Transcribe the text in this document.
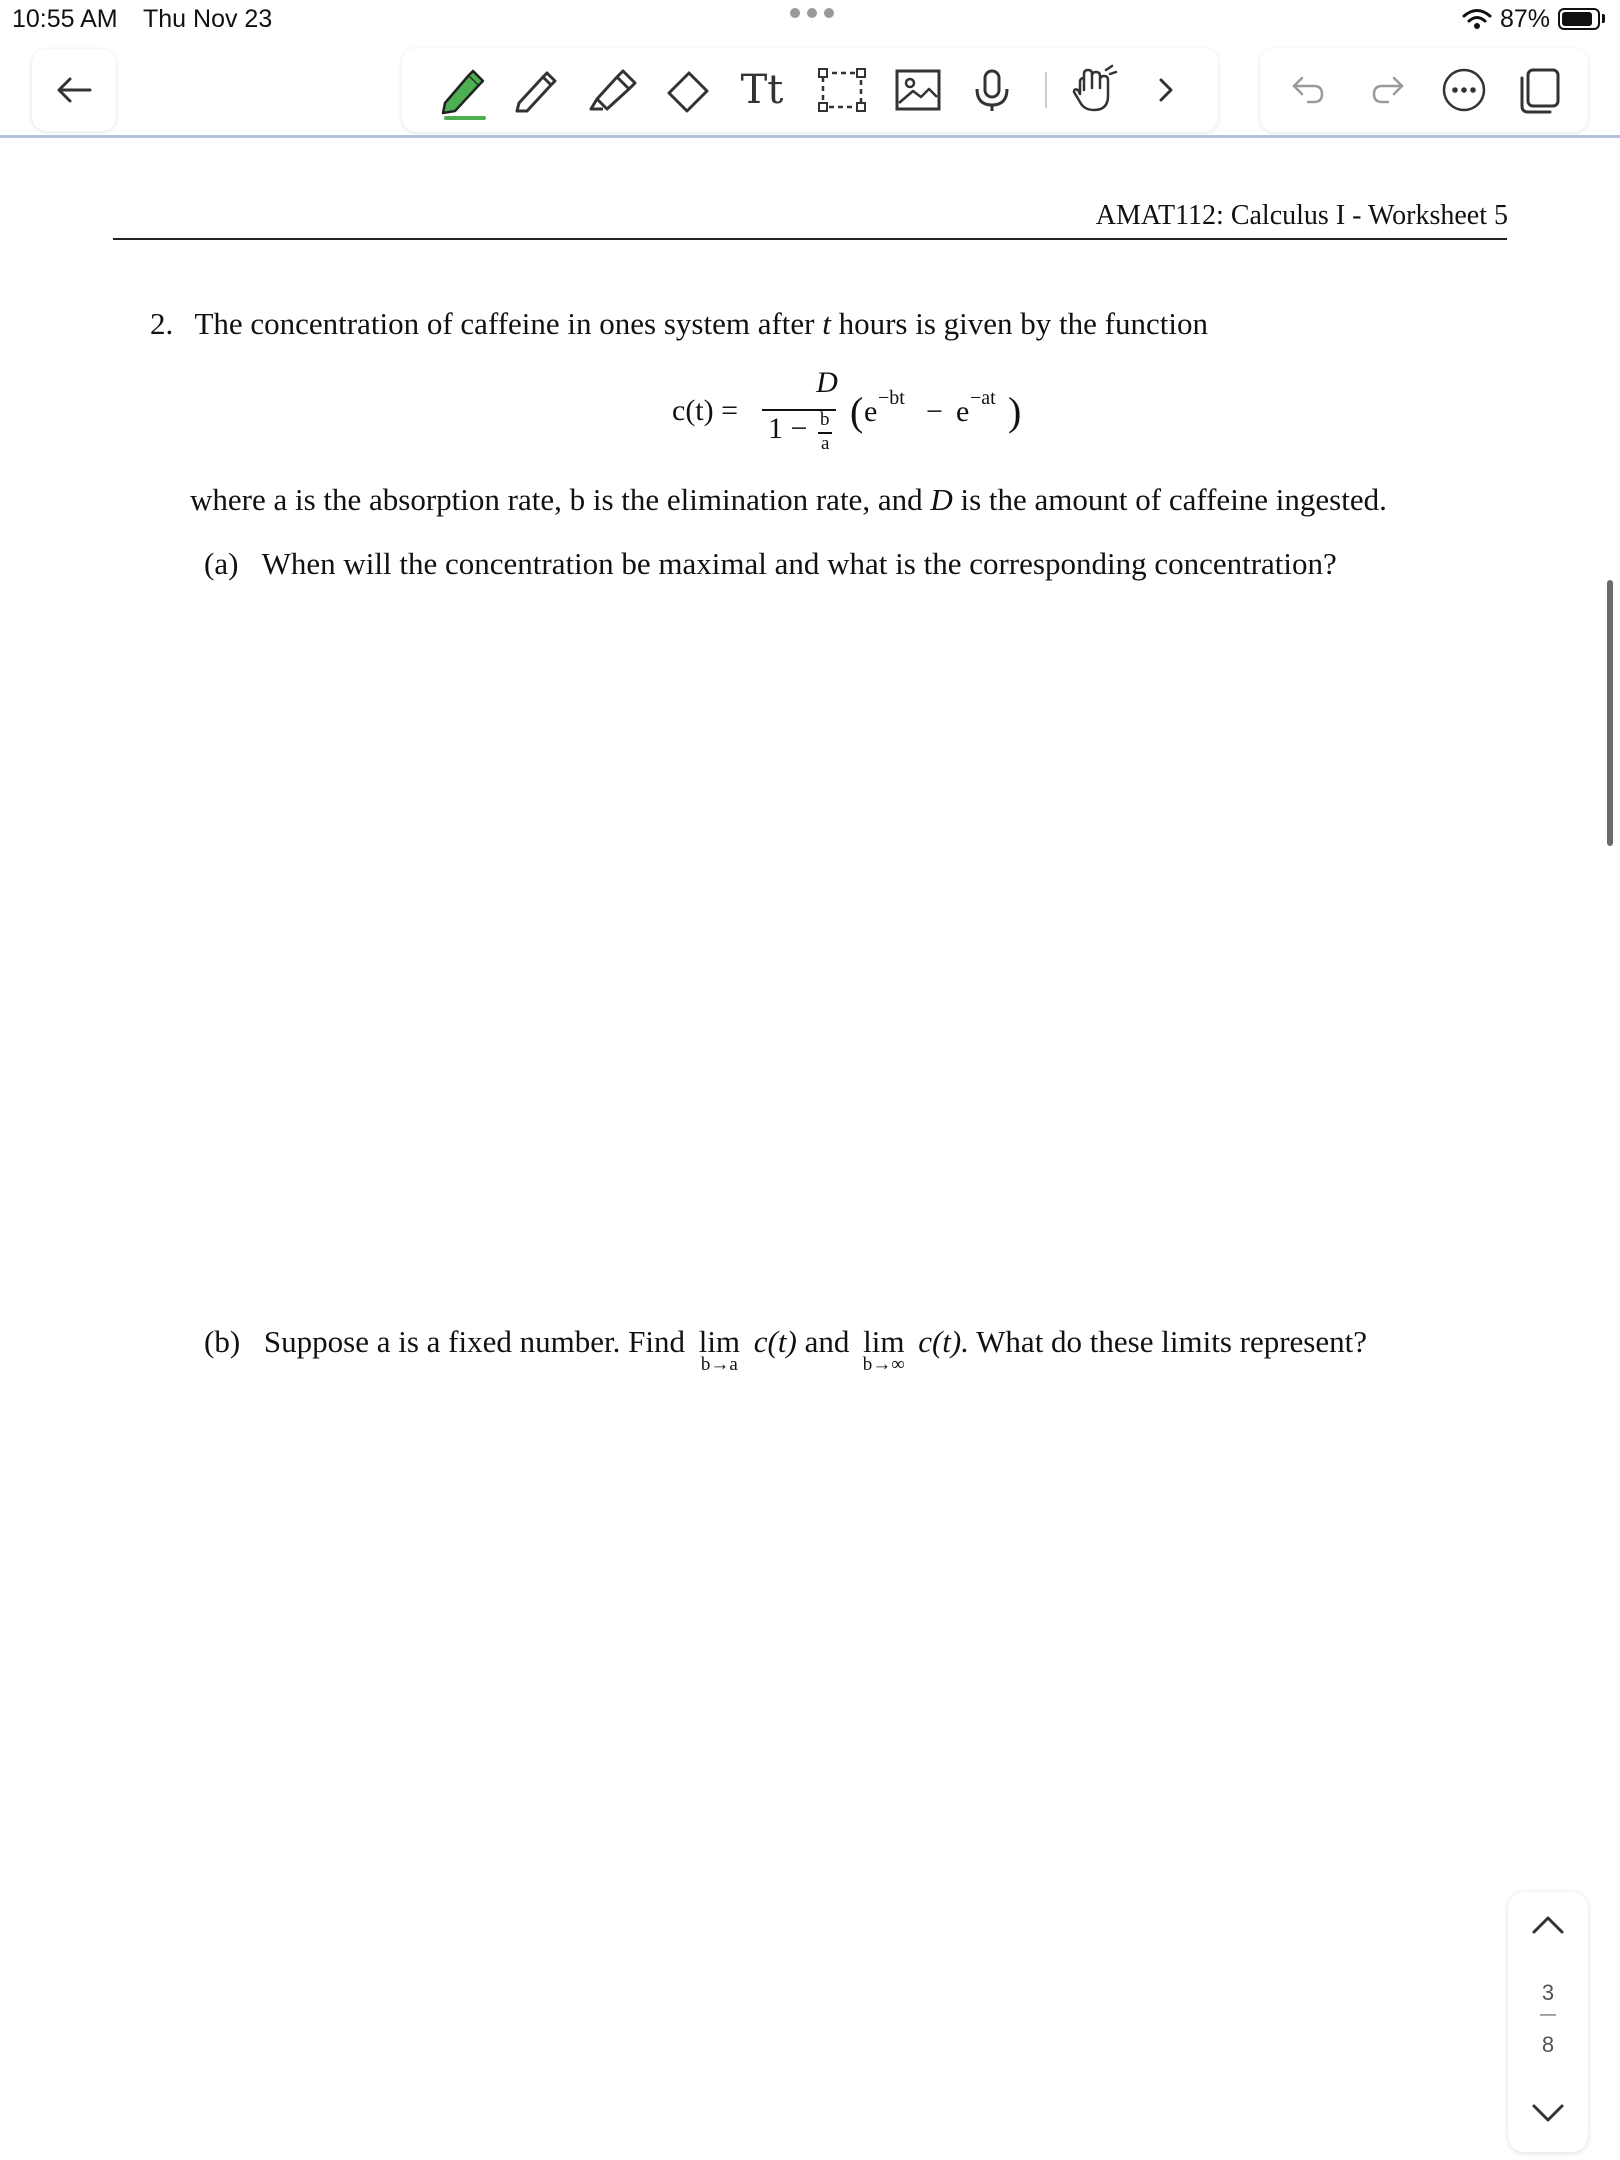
10:55 AM Thu Nov 23	87%
Tt
AMAT112: Calculus I - Worksheet 5
2. The concentration of caffeine in ones system after t hours is given by the function
c(t) =
D
1 − b
a
( e −bt − e −at )
where a is the absorption rate, b is the elimination rate, and D is the amount of caffeine ingested.
(a) When will the concentration be maximal and what is the corresponding concentration?
(b) Suppose a is a fixed number. Find lim
b→a
c(t) and lim
b→∞
c(t). What do these limits represent?
3
—
8
